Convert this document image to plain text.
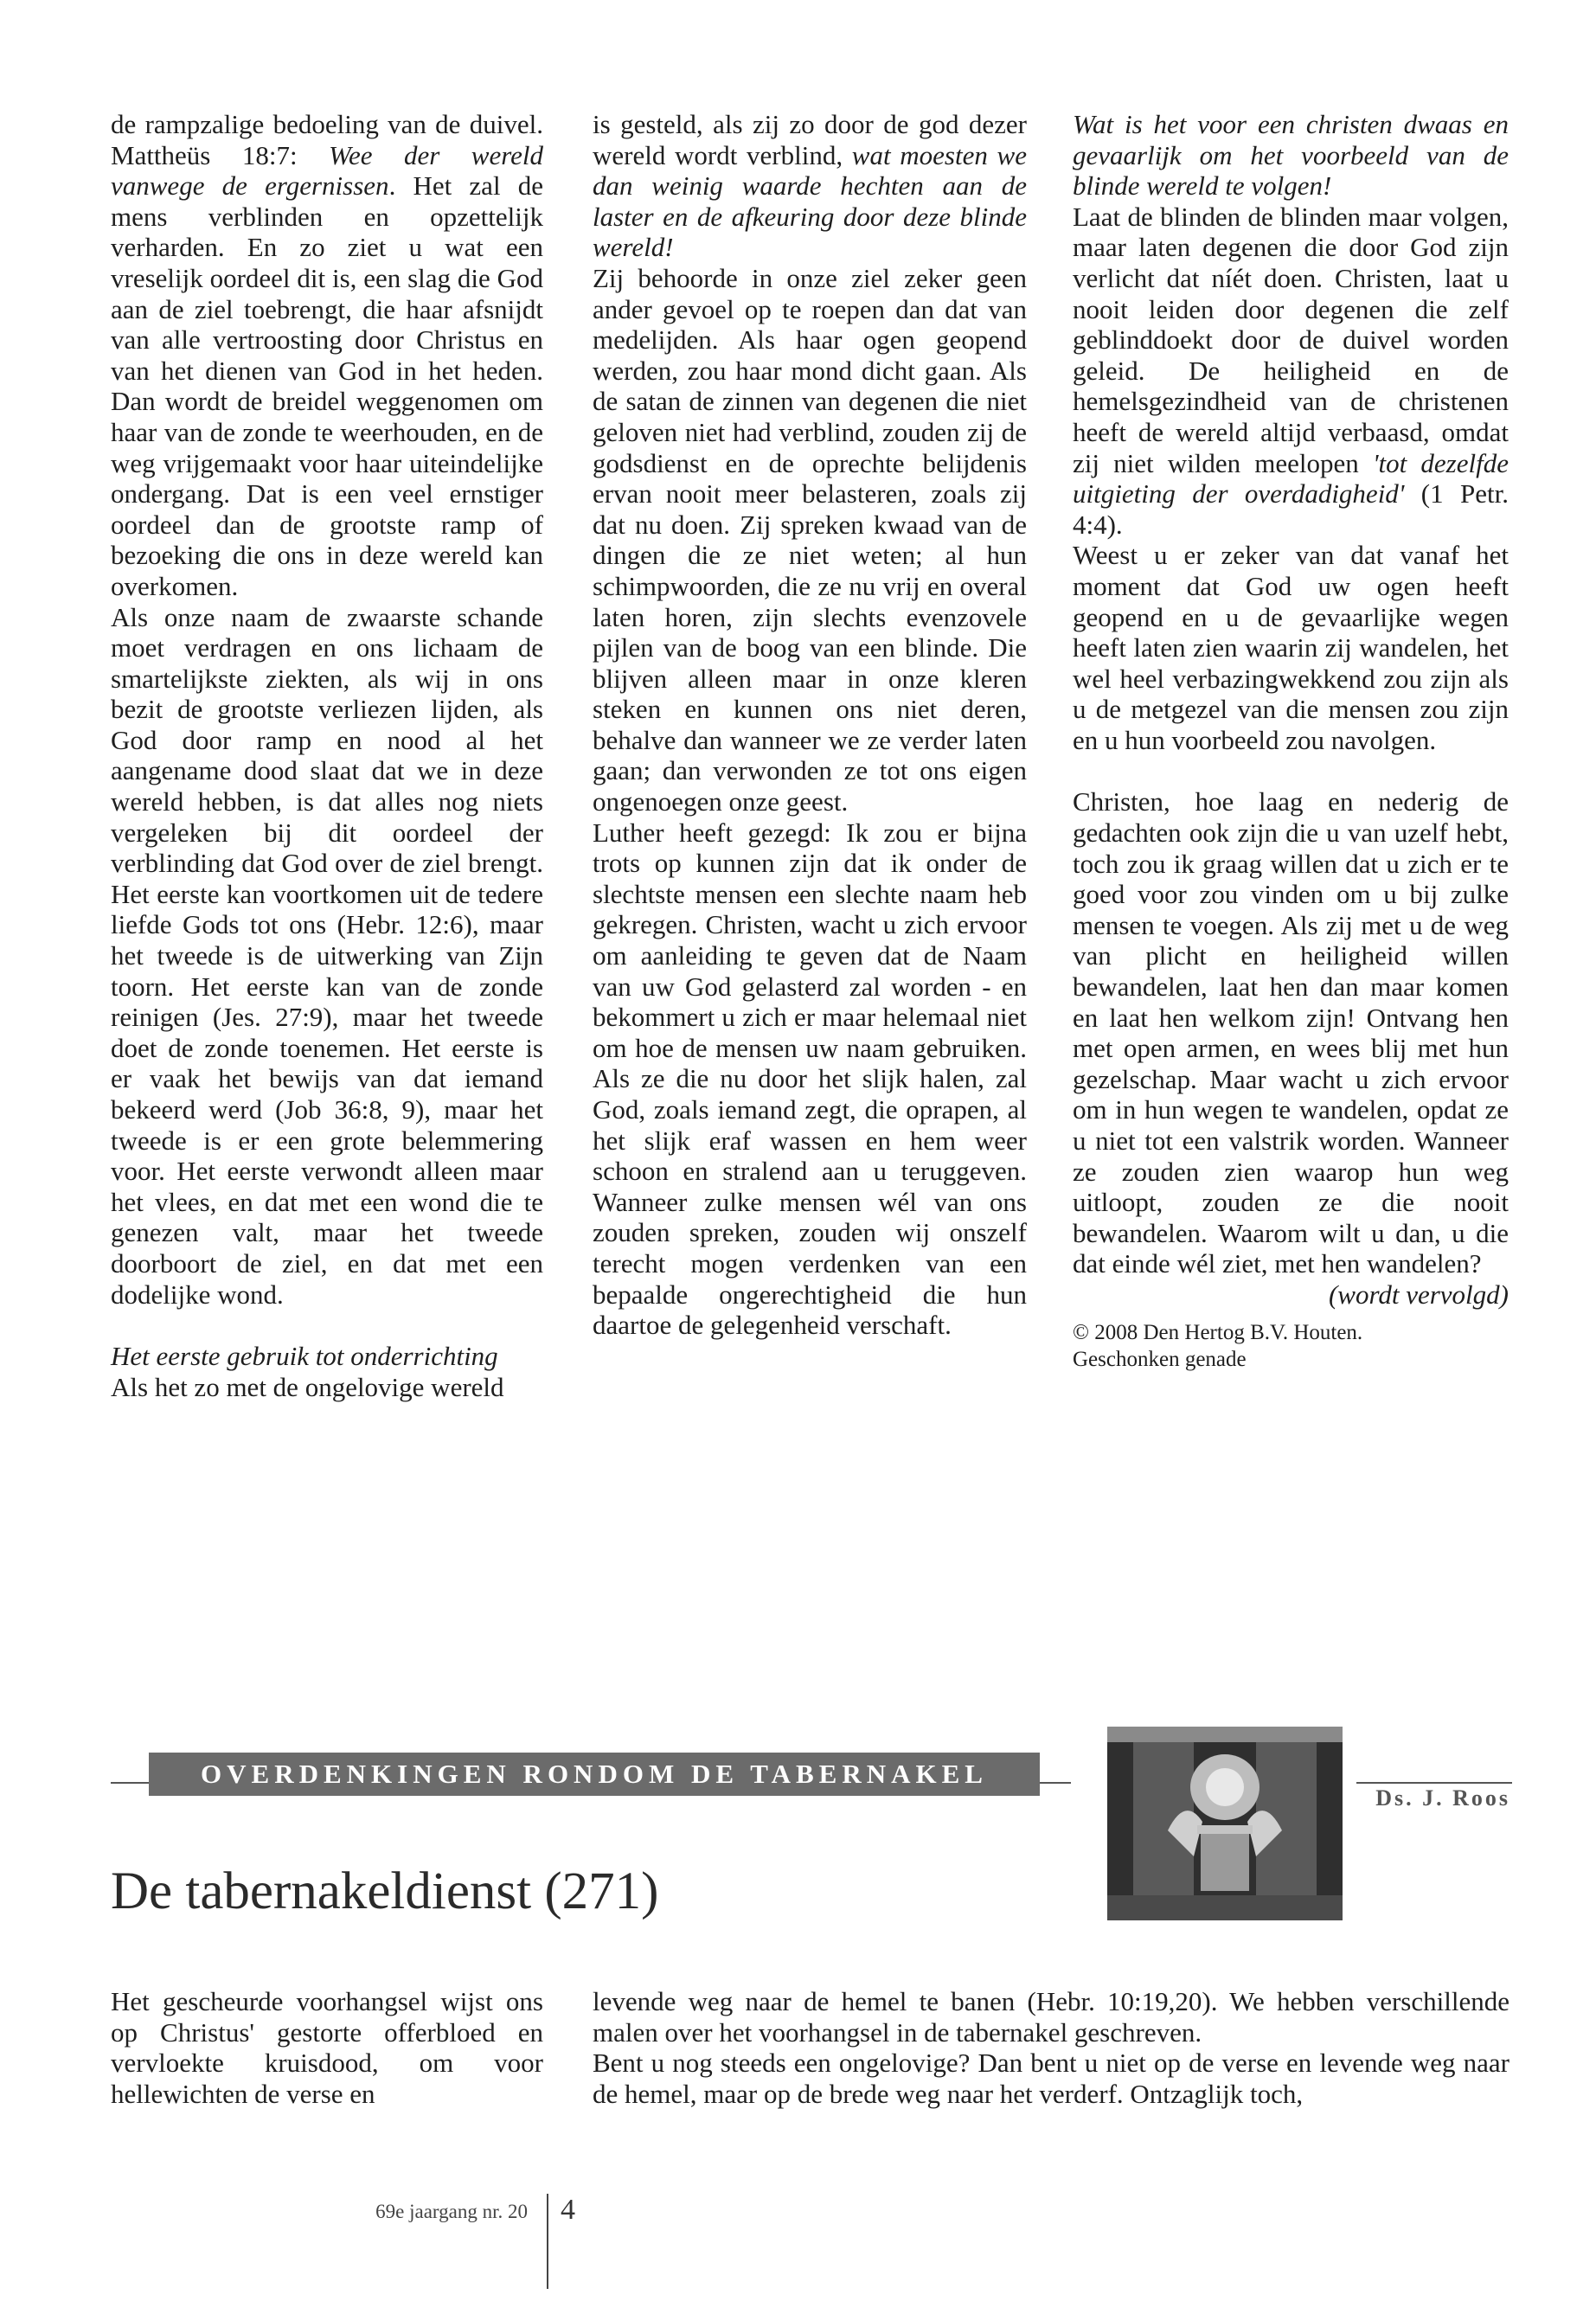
de rampzalige bedoeling van de duivel. Mattheüs 18:7: Wee der wereld vanwege de ergernissen. Het zal de mens verblinden en opzettelijk verharden. En zo ziet u wat een vreselijk oordeel dit is, een slag die God aan de ziel toebrengt, die haar afsnijdt van alle vertroosting door Christus en van het dienen van God in het heden. Dan wordt de breidel weggenomen om haar van de zonde te weerhouden, en de weg vrijgemaakt voor haar uiteindelijke ondergang. Dat is een veel ernstiger oordeel dan de grootste ramp of bezoeking die ons in deze wereld kan overkomen.

Als onze naam de zwaarste schande moet verdragen en ons lichaam de smartelijkste ziekten, als wij in ons bezit de grootste verliezen lijden, als God door ramp en nood al het aangename dood slaat dat we in deze wereld hebben, is dat alles nog niets vergeleken bij dit oordeel der verblinding dat God over de ziel brengt. Het eerste kan voortkomen uit de tedere liefde Gods tot ons (Hebr. 12:6), maar het tweede is de uitwerking van Zijn toorn. Het eerste kan van de zonde reinigen (Jes. 27:9), maar het tweede doet de zonde toenemen. Het eerste is er vaak het bewijs van dat iemand bekeerd werd (Job 36:8, 9), maar het tweede is er een grote belemmering voor. Het eerste verwondt alleen maar het vlees, en dat met een wond die te genezen valt, maar het tweede doorboort de ziel, en dat met een dodelijke wond.

Het eerste gebruik tot onderrichting

Als het zo met de ongelovige wereld

is gesteld, als zij zo door de god dezer wereld wordt verblind, wat moesten we dan weinig waarde hechten aan de laster en de afkeuring door deze blinde wereld!

Zij behoorde in onze ziel zeker geen ander gevoel op te roepen dan dat van medelijden. Als haar ogen geopend werden, zou haar mond dicht gaan. Als de satan de zinnen van degenen die niet geloven niet had verblind, zouden zij de godsdienst en de oprechte belijdenis ervan nooit meer belasteren, zoals zij dat nu doen. Zij spreken kwaad van de dingen die ze niet weten; al hun schimpwoorden, die ze nu vrij en overal laten horen, zijn slechts evenzovele pijlen van de boog van een blinde. Die blijven alleen maar in onze kleren steken en kunnen ons niet deren, behalve dan wanneer we ze verder laten gaan; dan verwonden ze tot ons eigen ongenoegen onze geest.

Luther heeft gezegd: Ik zou er bijna trots op kunnen zijn dat ik onder de slechtste mensen een slechte naam heb gekregen. Christen, wacht u zich ervoor om aanleiding te geven dat de Naam van uw God gelasterd zal worden - en bekommert u zich er maar helemaal niet om hoe de mensen uw naam gebruiken. Als ze die nu door het slijk halen, zal God, zoals iemand zegt, die oprapen, al het slijk eraf wassen en hem weer schoon en stralend aan u teruggeven. Wanneer zulke mensen wél van ons zouden spreken, zouden wij onszelf terecht mogen verdenken van een bepaalde ongerechtigheid die hun daartoe de gelegenheid verschaft.

Wat is het voor een christen dwaas en gevaarlijk om het voorbeeld van de blinde wereld te volgen!

Laat de blinden de blinden maar volgen, maar laten degenen die door God zijn verlicht dat níét doen. Christen, laat u nooit leiden door degenen die zelf geblinddoekt door de duivel worden geleid. De heiligheid en de hemelsgezindheid van de christenen heeft de wereld altijd verbaasd, omdat zij niet wilden meelopen 'tot dezelfde uitgieting der overdadigheid' (1 Petr. 4:4).

Weest u er zeker van dat vanaf het moment dat God uw ogen heeft geopend en u de gevaarlijke wegen heeft laten zien waarin zij wandelen, het wel heel verbazingwekkend zou zijn als u de metgezel van die mensen zou zijn en u hun voorbeeld zou navolgen.

Christen, hoe laag en nederig de gedachten ook zijn die u van uzelf hebt, toch zou ik graag willen dat u zich er te goed voor zou vinden om u bij zulke mensen te voegen. Als zij met u de weg van plicht en heiligheid willen bewandelen, laat hen dan maar komen en laat hen welkom zijn! Ontvang hen met open armen, en wees blij met hun gezelschap. Maar wacht u zich ervoor om in hun wegen te wandelen, opdat ze u niet tot een valstrik worden. Wanneer ze zouden zien waarop hun weg uitloopt, zouden ze die nooit bewandelen. Waarom wilt u dan, u die dat einde wél ziet, met hen wandelen?

(wordt vervolgd)

© 2008 Den Hertog B.V. Houten.

Geschonken genade

OVERDENKINGEN RONDOM DE TABERNAKEL
Ds. J. Roos
De tabernakeldienst (271)

Het gescheurde voorhangsel wijst ons op Christus' gestorte offerbloed en vervloekte kruisdood, om voor hellewichten de verse en

levende weg naar de hemel te banen (Hebr. 10:19,20). We hebben verschillende malen over het voorhangsel in de tabernakel geschreven.

Bent u nog steeds een ongelovige? Dan bent u niet op de verse en levende weg naar de hemel, maar op de brede weg naar het verderf. Ontzaglijk toch,

69e jaargang nr. 20 4
